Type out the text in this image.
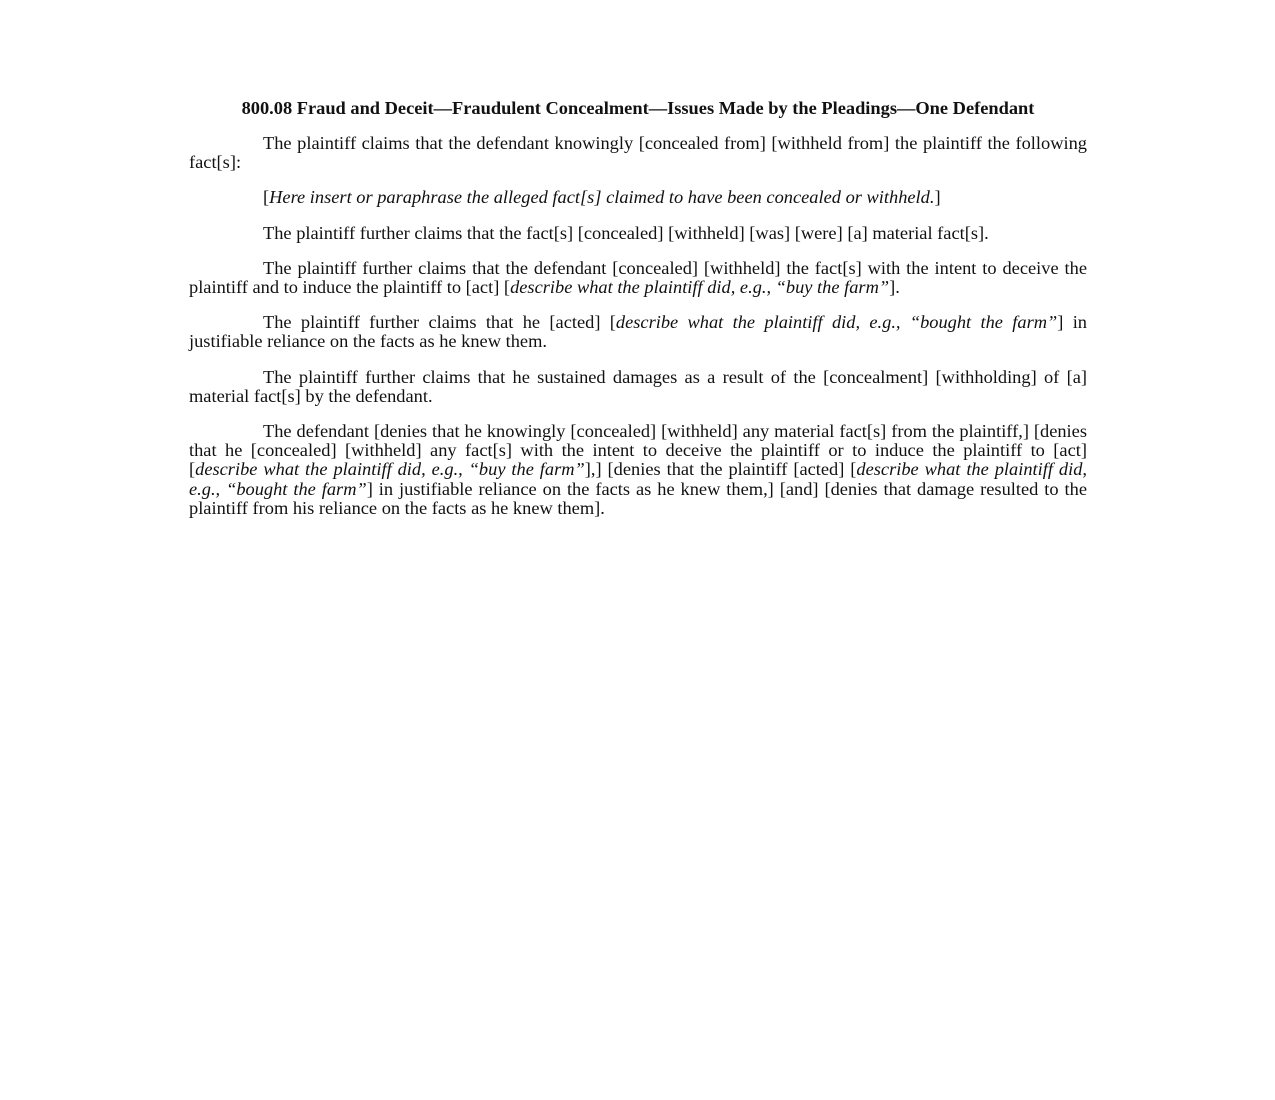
800.08 Fraud and Deceit—Fraudulent Concealment—Issues Made by the Pleadings—One Defendant

The plaintiff claims that the defendant knowingly [concealed from] [withheld from] the plaintiff the following fact[s]:

[Here insert or paraphrase the alleged fact[s] claimed to have been concealed or withheld.]

The plaintiff further claims that the fact[s] [concealed] [withheld] [was] [were] [a] material fact[s].

The plaintiff further claims that the defendant [concealed] [withheld] the fact[s] with the intent to deceive the plaintiff and to induce the plaintiff to [act] [describe what the plaintiff did, e.g., “buy the farm”].

The plaintiff further claims that he [acted] [describe what the plaintiff did, e.g., “bought the farm”] in justifiable reliance on the facts as he knew them.

The plaintiff further claims that he sustained damages as a result of the [concealment] [withholding] of [a] material fact[s] by the defendant.

The defendant [denies that he knowingly [concealed] [withheld] any material fact[s] from the plaintiff,] [denies that he [concealed] [withheld] any fact[s] with the intent to deceive the plaintiff or to induce the plaintiff to [act] [describe what the plaintiff did, e.g., “buy the farm”],] [denies that the plaintiff [acted] [describe what the plaintiff did, e.g., “bought the farm”] in justifiable reliance on the facts as he knew them,] [and] [denies that damage resulted to the plaintiff from his reliance on the facts as he knew them].
